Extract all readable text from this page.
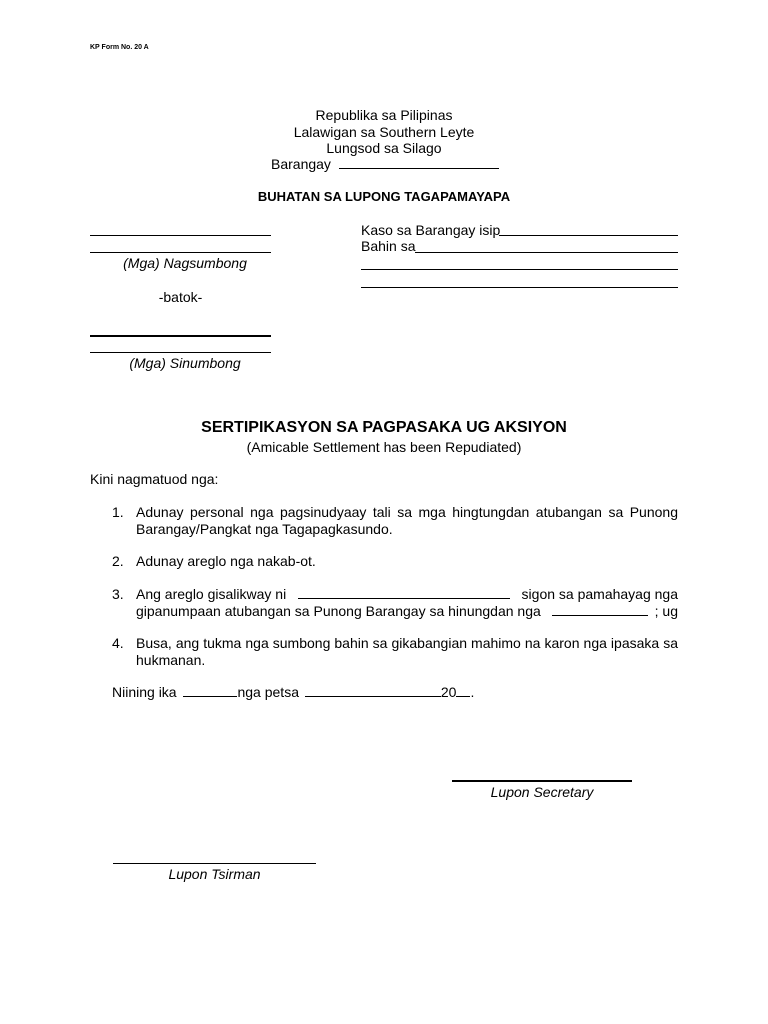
KP Form No. 20 A
Republika sa Pilipinas
Lalawigan sa Southern Leyte
Lungsod sa Silago
Barangay
BUHATAN SA LUPONG TAGAPAMAYAPA
(Mga) Nagsumbong
-batok-
(Mga) Sinumbong
Kaso sa Barangay isip
Bahin sa
SERTIPIKASYON SA PAGPASAKA UG AKSIYON
(Amicable Settlement has been Repudiated)
Kini nagmatuod nga:
1. Adunay personal nga pagsinudyaay tali sa mga hingtungdan atubangan sa Punong
Barangay/Pangkat nga Tagapagkasundo.
2. Adunay areglo nga nakab-ot.
3. Ang areglo gisalikway ni	sigon sa pamahayag nga
gipanumpaan atubangan sa Punong Barangay sa hinungdan nga	; ug
4. Busa, ang tukma nga sumbong bahin sa gikabangian mahimo na karon nga ipasaka sa
hukmanan.
Niining ika	nga petsa	20 .
Lupon Secretary
Lupon Tsirman
